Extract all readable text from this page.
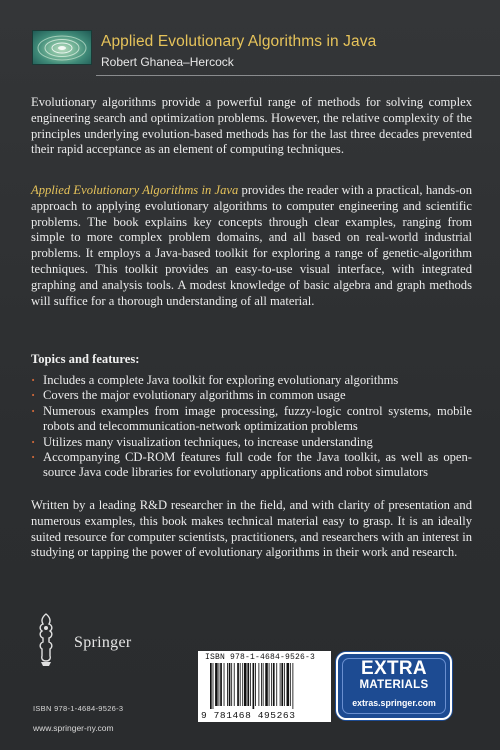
Applied Evolutionary Algorithms in Java
Robert Ghanea–Hercock

Evolutionary algorithms provide a powerful range of methods for solving complex engineering search and optimization problems. However, the relative complexity of the principles underlying evolution-based methods has for the last three decades prevented their rapid acceptance as an element of computing techniques.

Applied Evolutionary Algorithms in Java provides the reader with a practical, hands-on approach to applying evolutionary algorithms to computer engineering and scientific problems. The book explains key concepts through clear examples, ranging from simple to more complex problem domains, and all based on real-world industrial problems. It employs a Java-based toolkit for exploring a range of genetic-algorithm techniques. This toolkit provides an easy-to-use visual interface, with integrated graphing and analysis tools. A modest knowledge of basic algebra and graph methods will suffice for a thorough understanding of all material.

Topics and features:
· Includes a complete Java toolkit for exploring evolutionary algorithms
· Covers the major evolutionary algorithms in common usage
· Numerous examples from image processing, fuzzy-logic control systems, mobile robots and telecommunication-network optimization problems
· Utilizes many visualization techniques, to increase understanding
· Accompanying CD-ROM features full code for the Java toolkit, as well as open-source Java code libraries for evolutionary applications and robot simulators

Written by a leading R&D researcher in the field, and with clarity of presentation and numerous examples, this book makes technical material easy to grasp. It is an ideally suited resource for computer scientists, practitioners, and researchers with an interest in studying or tapping the power of evolutionary algorithms in their work and research.

Springer
ISBN 978-1-4684-9526-3
www.springer-ny.com
ISBN 978-1-4684-9526-3
9 781468 495263
EXTRA
MATERIALS
extras.springer.com
